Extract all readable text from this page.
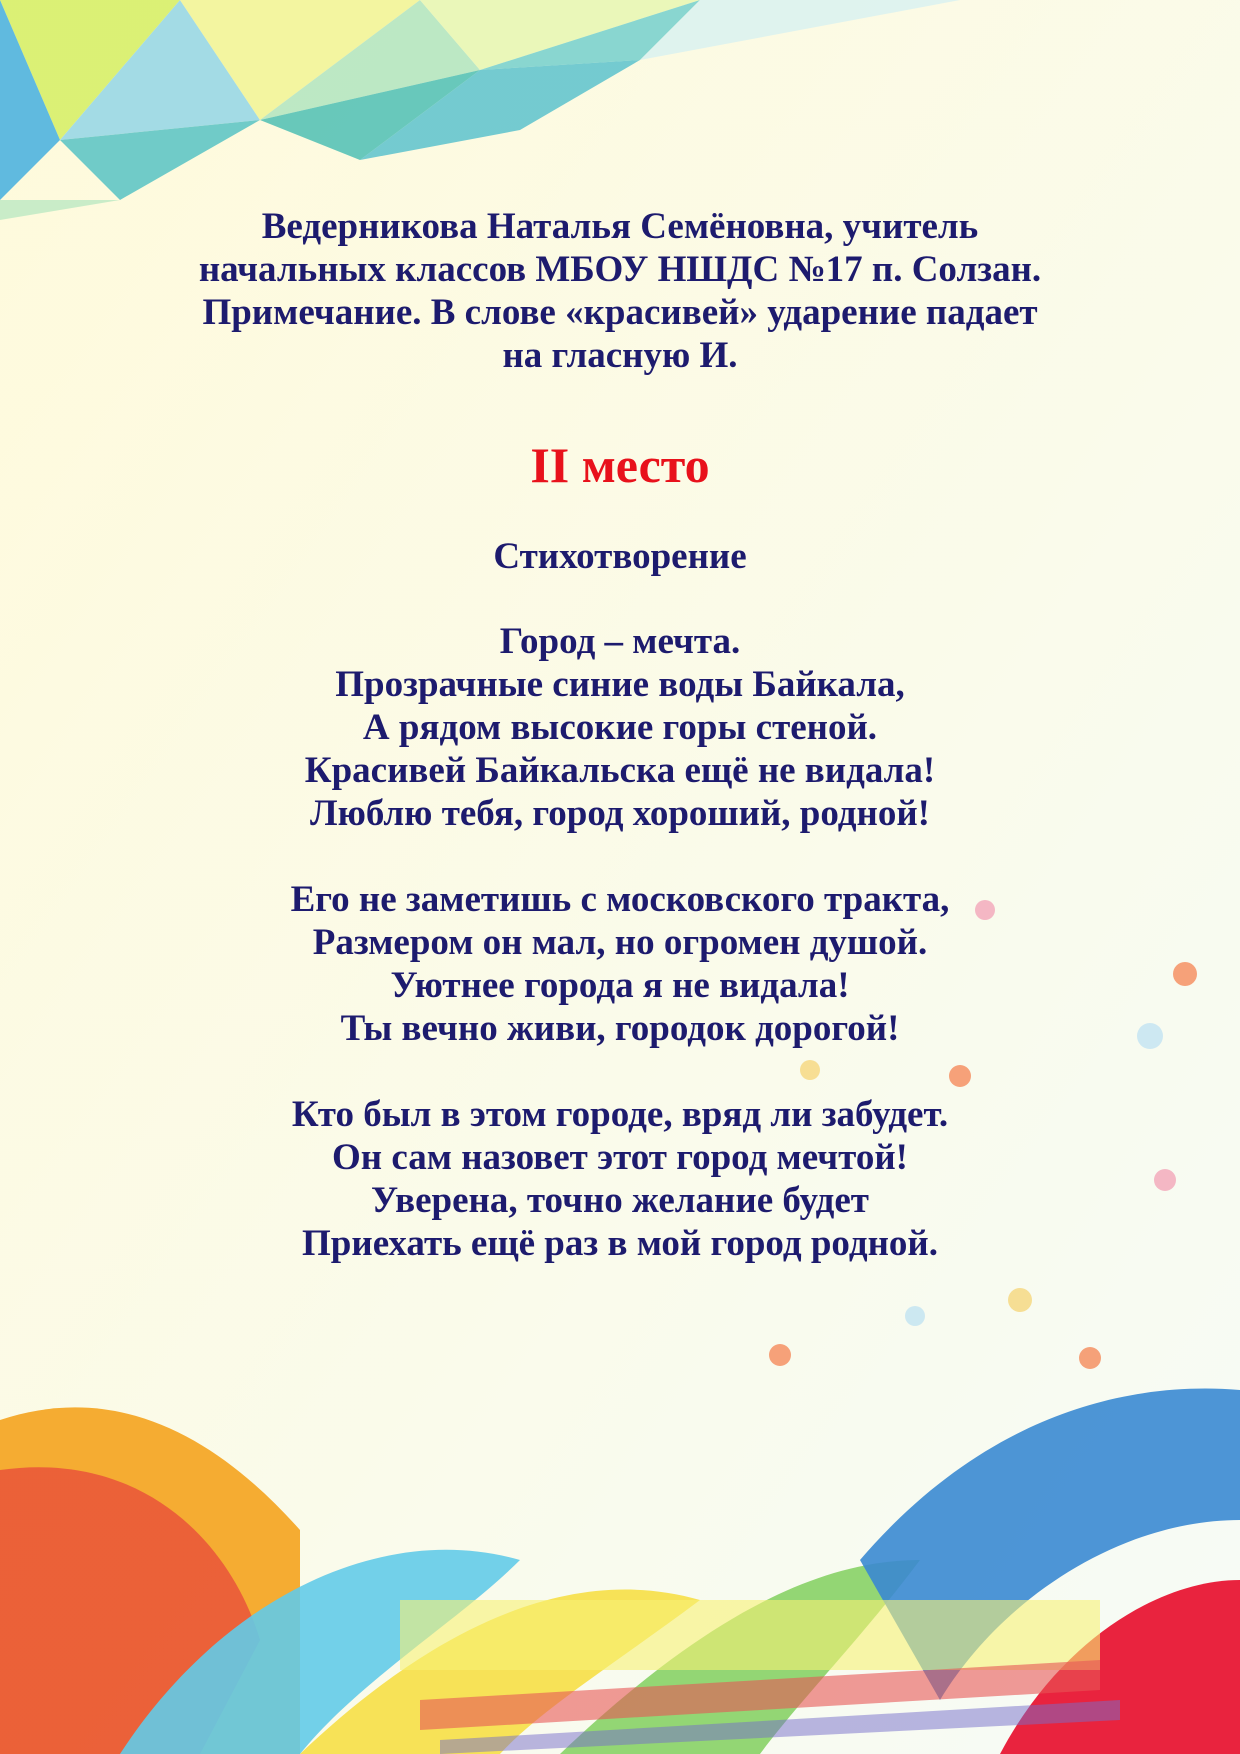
Ведерникова Наталья Семёновна, учитель

начальных классов МБОУ НШДС №17 п. Солзан.

Примечание. В слове «красивей» ударение падает

на гласную И.

II место
Стихотворение
Город – мечта.
Прозрачные синие воды Байкала,
А рядом высокие горы стеной.
Красивей Байкальска ещё не видала!
Люблю тебя, город хороший, родной!
Его не заметишь с московского тракта,
Размером он мал, но огромен душой.
Уютнее города я не видала!
Ты вечно живи, городок дорогой!
Кто был в этом городе, вряд ли забудет.
Он сам назовет этот город мечтой!
Уверена, точно желание будет
Приехать ещё раз в мой город родной.
